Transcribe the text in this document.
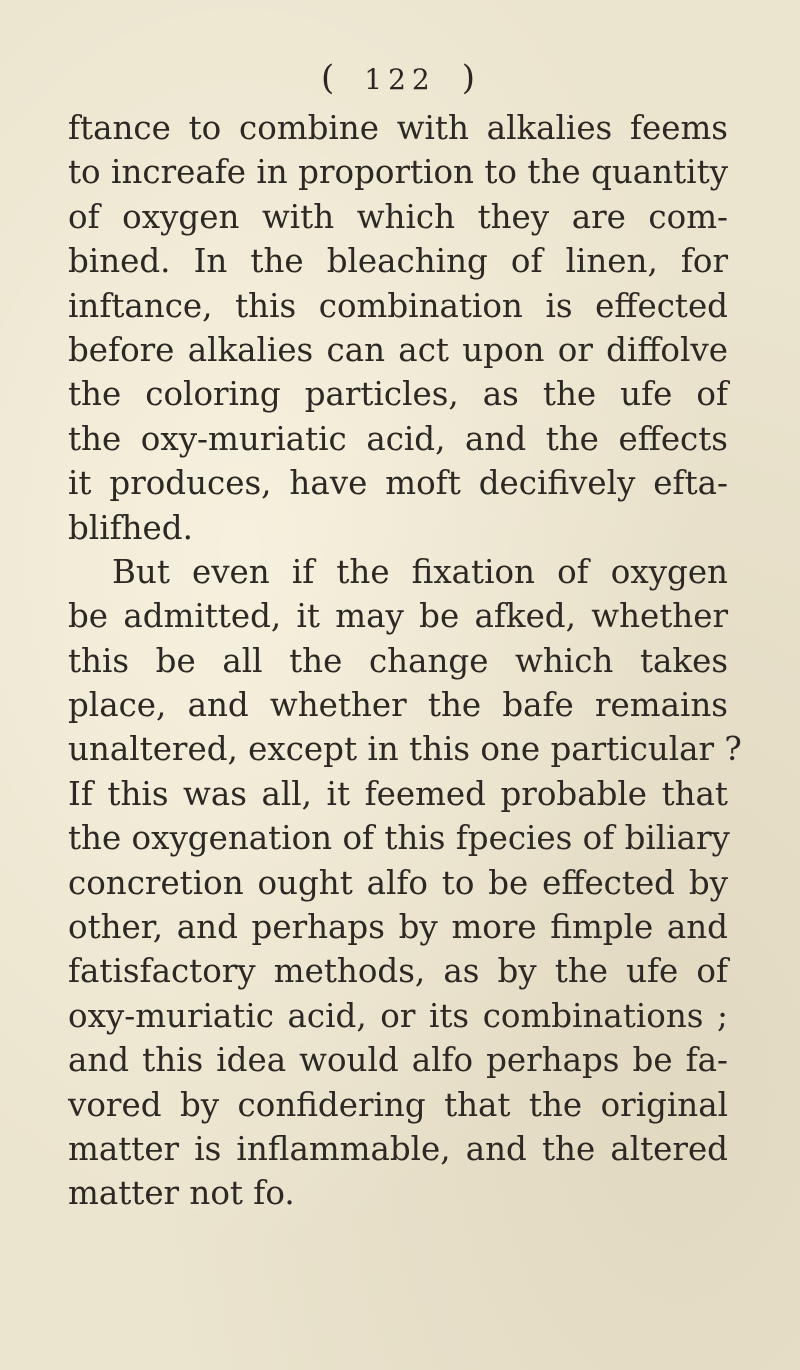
( 122 )
ftance to combine with alkalies feems
to increafe in proportion to the quantity
of oxygen with which they are com-
bined. In the bleaching of linen, for
inftance, this combination is effected
before alkalies can act upon or diffolve
the coloring particles, as the ufe of
the oxy-muriatic acid, and the effects
it produces, have moft decifively efta-
blifhed.
But even if the fixation of oxygen
be admitted, it may be afked, whether
this be all the change which takes
place, and whether the bafe remains
unaltered, except in this one particular ?
If this was all, it feemed probable that
the oxygenation of this fpecies of biliary
concretion ought alfo to be effected by
other, and perhaps by more fimple and
fatisfactory methods, as by the ufe of
oxy-muriatic acid, or its combinations ;
and this idea would alfo perhaps be fa-
vored by confidering that the original
matter is inflammable, and the altered
matter not fo.
